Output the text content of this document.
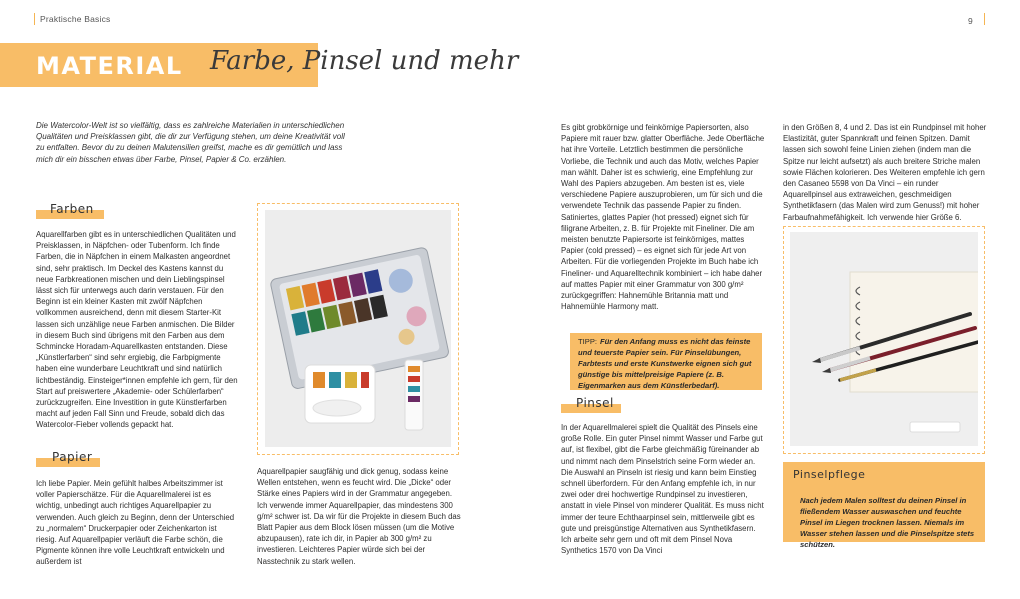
Praktische Basics	9
MATERIAL Farbe, Pinsel und mehr
Die Watercolor-Welt ist so vielfältig, dass es zahlreiche Materialien in unterschiedlichen Qualitäten und Preisklassen gibt, die dir zur Verfügung stehen, um deine Kreativität voll zu entfalten. Bevor du zu deinen Malutensilien greifst, mache es dir gemütlich und lass mich dir ein bisschen etwas über Farbe, Pinsel, Papier & Co. erzählen.
Farben
Aquarellfarben gibt es in unterschiedlichen Qualitäten und Preisklassen, in Näpfchen- oder Tubenform. Ich finde Farben, die in Näpfchen in einem Malkasten angeordnet sind, sehr praktisch. Im Deckel des Kastens kannst du neue Farbkreationen mischen und dein Lieblingspinsel lässt sich für unterwegs auch darin verstauen. Für den Beginn ist ein kleiner Kasten mit zwölf Näpfchen vollkommen ausreichend, denn mit diesem Starter-Kit lassen sich unzählige neue Farben anmischen. Die Bilder in diesem Buch sind übrigens mit den Farben aus dem Schmincke Horadam-Aquarellkasten entstanden. Diese „Künstlerfarben“ sind sehr ergiebig, die Farbpigmente haben eine wunderbare Leuchtkraft und sind natürlich lichtbeständig. Einsteiger*innen empfehle ich gern, für den Start auf preiswertere „Akademie- oder Schülerfarben“ zurückzugreifen. Eine Investition in gute Künstlerfarben macht auf jeden Fall Sinn und Freude, sobald dich das Watercolor-Fieber vollends gepackt hat.
Papier
Ich liebe Papier. Mein gefühlt halbes Arbeitszimmer ist voller Papierschätze. Für die Aquarellmalerei ist es wichtig, unbedingt auch richtiges Aquarellpapier zu verwenden. Auch gleich zu Beginn, denn der Unterschied zu „normalem“ Druckerpapier oder Zeichenkarton ist riesig. Auf Aquarellpapier verläuft die Farbe schön, die Pigmente können ihre volle Leuchtkraft entwickeln und außerdem ist
Aquarellpapier saugfähig und dick genug, sodass keine Wellen entstehen, wenn es feucht wird. Die „Dicke“ oder Stärke eines Papiers wird in der Grammatur angegeben. Ich verwende immer Aquarellpapier, das mindestens 300 g/m² schwer ist. Da wir für die Projekte in diesem Buch das Blatt Papier aus dem Block lösen müssen (um die Motive abzupausen), rate ich dir, in Papier ab 300 g/m² zu investieren. Leichteres Papier würde sich bei der Nasstechnik zu stark wellen.
Es gibt grobkörnige und feinkörnige Papiersorten, also Papiere mit rauer bzw. glatter Oberfläche. Jede Oberfläche hat ihre Vorteile. Letztlich bestimmen die persönliche Vorliebe, die Technik und auch das Motiv, welches Papier man wählt. Daher ist es schwierig, eine Empfehlung zur Wahl des Papiers abzugeben. Am besten ist es, viele verschiedene Papiere auszuprobieren, um für sich und die verwendete Technik das passende Papier zu finden. Satiniertes, glattes Papier (hot pressed) eignet sich für filigrane Arbeiten, z. B. für Projekte mit Fineliner. Die am meisten benutzte Papiersorte ist feinkörniges, mattes Papier (cold pressed) – es eignet sich für jede Art von Arbeiten. Für die vorliegenden Projekte im Buch habe ich Fineliner- und Aquarelltechnik kombiniert – ich habe daher auf mattes Papier mit einer Grammatur von 300 g/m² zurückgegriffen: Hahnemühle Britannia matt und Hahnemühle Harmony matt.
TIPP: Für den Anfang muss es nicht das feinste und teuerste Papier sein. Für Pinselübungen, Farbtests und erste Kunstwerke eignen sich gut günstige bis mittelpreisige Papiere (z. B. Eigenmarken aus dem Künstlerbedarf).
Pinsel
In der Aquarellmalerei spielt die Qualität des Pinsels eine große Rolle. Ein guter Pinsel nimmt Wasser und Farbe gut auf, ist flexibel, gibt die Farbe gleichmäßig füreinander ab und nimmt nach dem Pinselstrich seine Form wieder an. Die Auswahl an Pinseln ist riesig und kann beim Einstieg schnell überfordern. Für den Anfang empfehle ich, in nur zwei oder drei hochwertige Rundpinsel zu investieren, anstatt in viele Pinsel von minderer Qualität. Es muss nicht immer der teure Echthaarpinsel sein, mittlerweile gibt es gute und preisgünstige Alternativen aus Synthetikfasern. Ich arbeite sehr gern und oft mit dem Pinsel Nova Synthetics 1570 von Da Vinci
in den Größen 8, 4 und 2. Das ist ein Rundpinsel mit hoher Elastizität, guter Spannkraft und feinen Spitzen. Damit lassen sich sowohl feine Linien ziehen (indem man die Spitze nur leicht aufsetzt) als auch breitere Striche malen sowie Flächen kolorieren. Des Weiteren empfehle ich gern den Casaneo 5598 von Da Vinci – ein runder Aquarellpinsel aus extraweichen, geschmeidigen Synthetikfasern (das Malen wird zum Genuss!) mit hoher Farbaufnahmefähigkeit. Ich verwende hier Größe 6.
Pinselpflege
Nach jedem Malen solltest du deinen Pinsel in fließendem Wasser auswaschen und feuchte Pinsel im Liegen trocknen lassen. Niemals im Wasser stehen lassen und die Pinselspitze stets schützen.
